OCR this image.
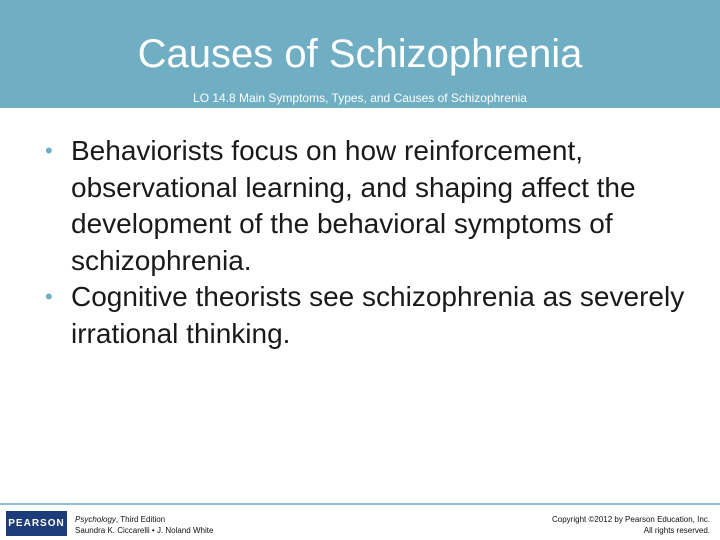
Causes of Schizophrenia
LO 14.8 Main Symptoms, Types, and Causes of Schizophrenia
• Behaviorists focus on how reinforcement, observational learning, and shaping affect the development of the behavioral symptoms of schizophrenia.
• Cognitive theorists see schizophrenia as severely irrational thinking.
PEARSON Psychology, Third Edition
Saundra K. Ciccarelli • J. Noland White
Copyright ©2012 by Pearson Education, Inc.
All rights reserved.
